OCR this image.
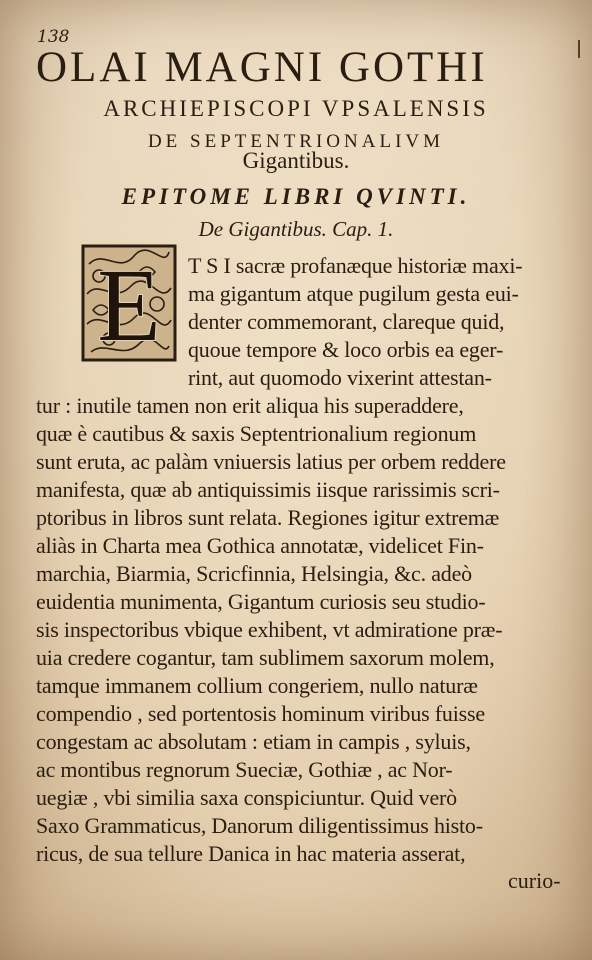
138
OLAI MAGNI GOTHI
ARCHIEPISCOPI VPSALENSIS
DE SEPTENTRIONALIVM
Gigantibus.
EPITOME LIBRI QVINTI.
De Gigantibus. Cap. 1.
E T S I sacræ profanæque historiæ maxi-
ma gigantum atque pugilum gesta eui-
denter commemorant, clareque quid,
quoue tempore & loco orbis ea eger-
rint, aut quomodo vixerint attestan-
tur : inutile tamen non erit aliqua his superaddere,
quæ è cautibus & saxis Septentrionalium regionum
sunt eruta, ac palàm vniuersis latius per orbem reddere
manifesta, quæ ab antiquissimis iisque rarissimis scri-
ptoribus in libros sunt relata. Regiones igitur extremæ
aliàs in Charta mea Gothica annotatæ, videlicet Fin-
marchia, Biarmia, Scricfinnia, Helsingia, &c. adeò
euidentia munimenta, Gigantum curiosis seu studio-
sis inspectoribus vbique exhibent, vt admiratione præ-
uia credere cogantur, tam sublimem saxorum molem,
tamque immanem collium congeriem, nullo naturæ
compendio , sed portentosis hominum viribus fuisse
congestam ac absolutam : etiam in campis , syluis,
ac montibus regnorum Sueciæ, Gothiæ , ac Nor-
uegiæ , vbi similia saxa conspiciuntur. Quid verò
Saxo Grammaticus, Danorum diligentissimus histo-
ricus, de sua tellure Danica in hac materia asserat,
curio-
